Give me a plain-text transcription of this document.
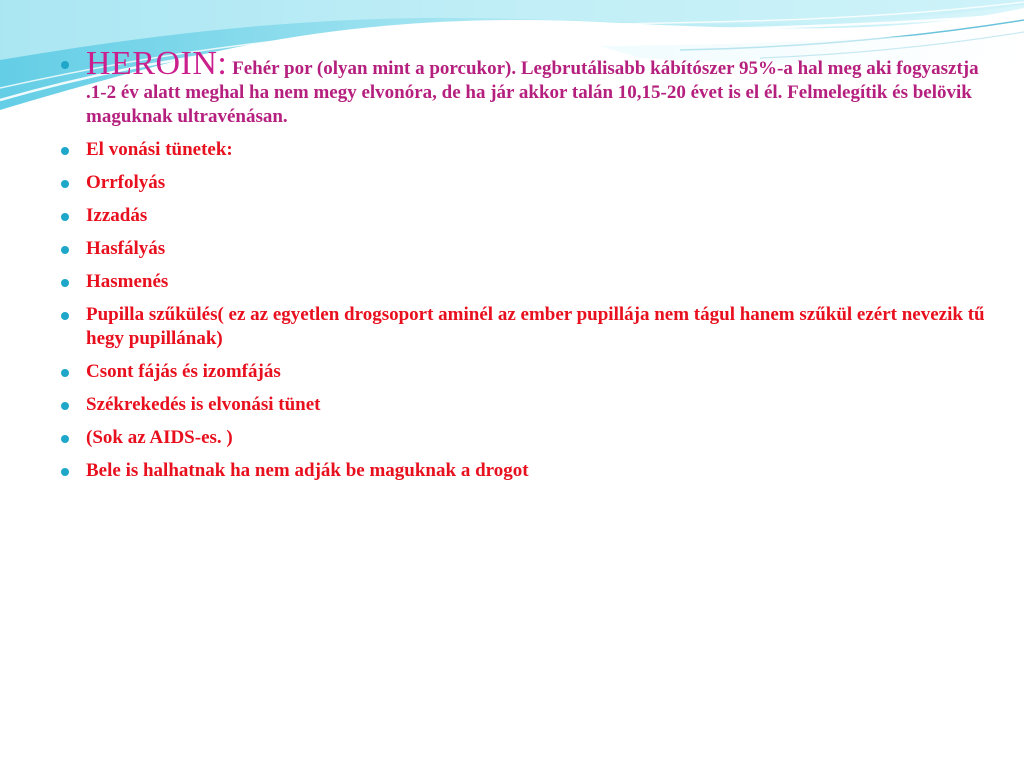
HEROIN: Fehér por (olyan mint a porcukor). Legbrutálisabb kábítószer 95%-a hal meg aki fogyasztja .1-2 év alatt meghal ha nem megy elvonóra, de ha jár akkor talán 10,15-20 évet is el él. Felmelegítik és belövik maguknak ultravénásan.
El vonási tünetek:
Orrfolyás
Izzadás
Hasfályás
Hasmenés
Pupilla szűkülés( ez az egyetlen drogsoport aminél az ember pupillája nem tágul hanem szűkül ezért nevezik tű hegy pupillának)
Csont fájás és izomfájás
Székrekedés is elvonási tünet
(Sok az AIDS-es. )
Bele is halhatnak ha nem adják be maguknak a drogot
